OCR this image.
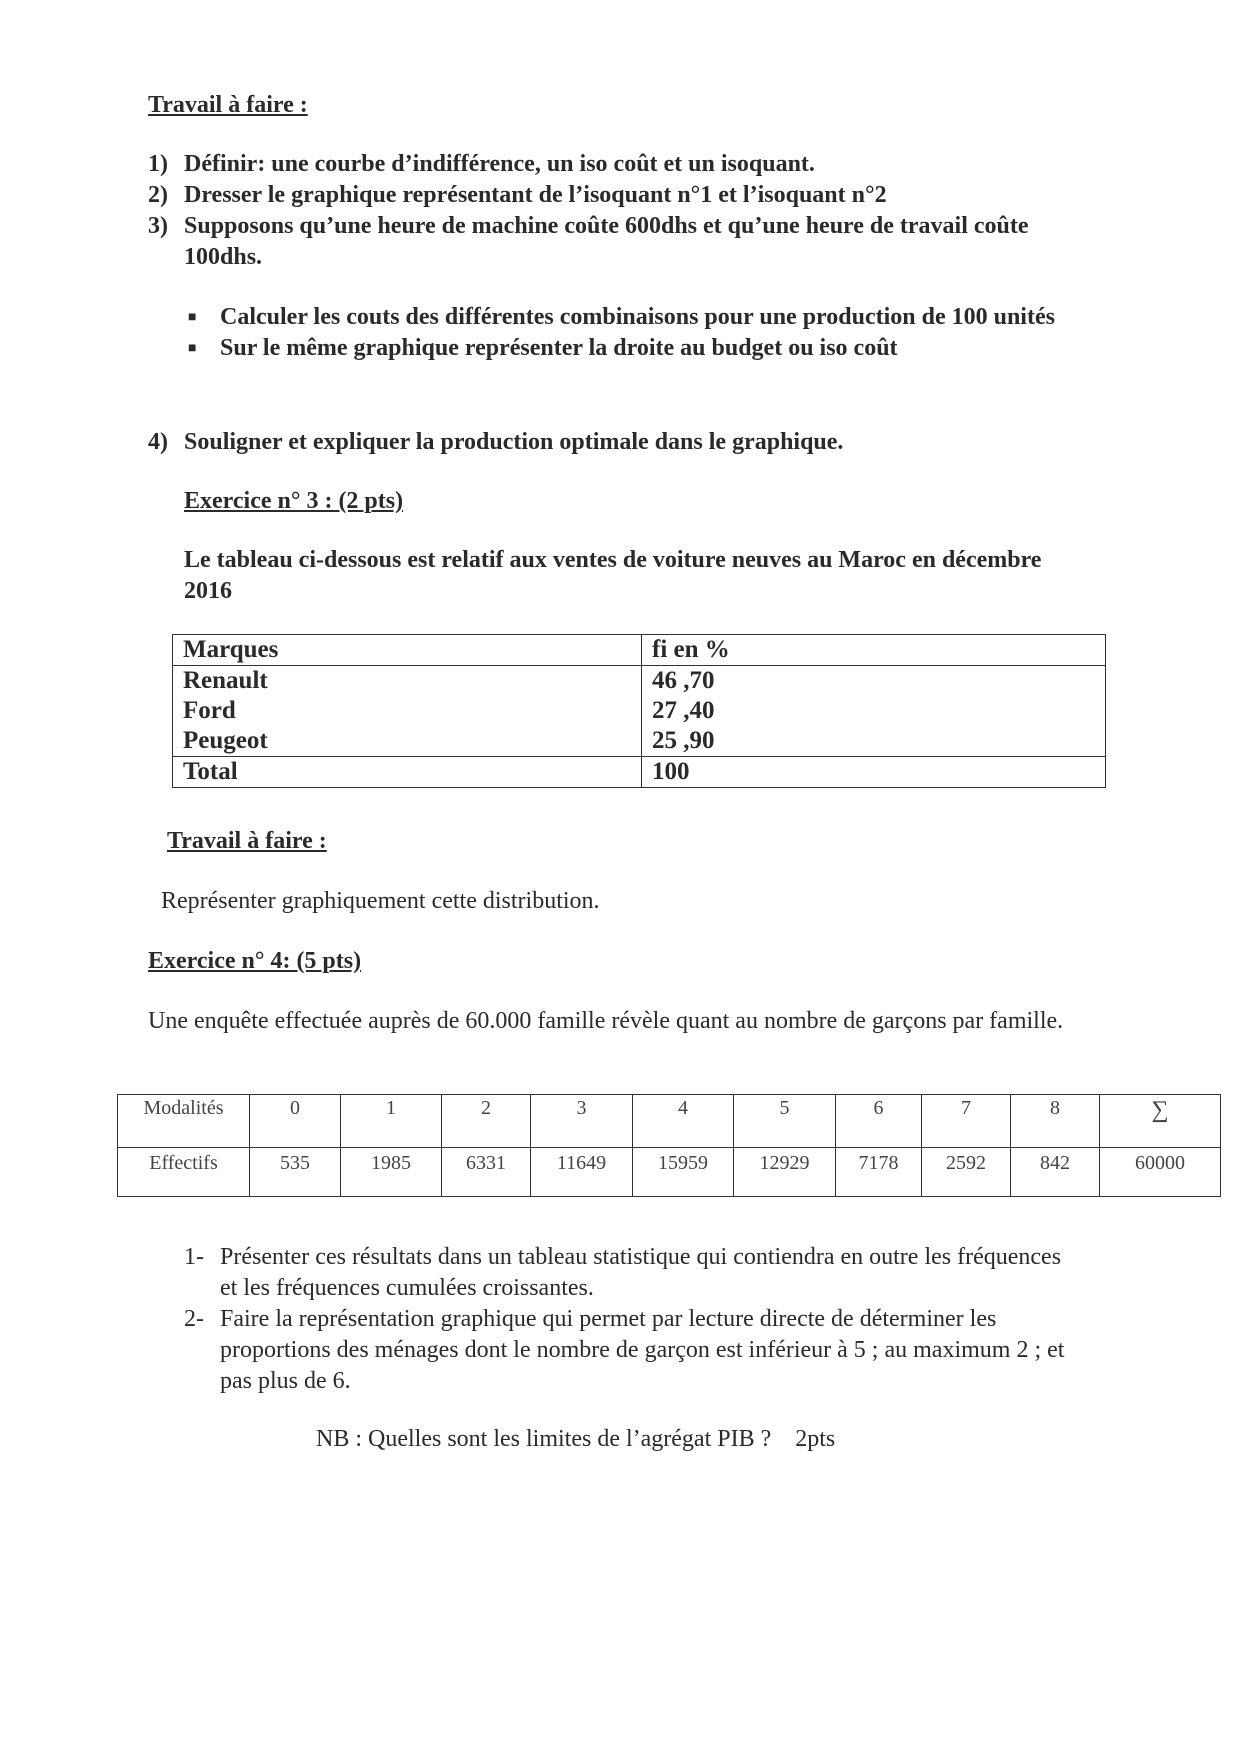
Travail à faire :
1) Définir: une courbe d’indifférence, un iso coût et un isoquant.
2) Dresser le graphique représentant de l’isoquant n°1 et l’isoquant n°2
3) Supposons qu’une heure de machine coûte 600dhs et qu’une heure de travail coûte 100dhs.
■ Calculer les couts des différentes combinaisons pour une production de 100 unités
■ Sur le même graphique représenter la droite au budget ou iso coût
4) Souligner et expliquer la production optimale dans le graphique.
Exercice n° 3 : (2 pts)
Le tableau ci-dessous est relatif aux ventes de voiture neuves au Maroc en décembre 2016
Marques	fi en %
Renault	46 ,70
Ford	27 ,40
Peugeot	25 ,90
Total	100
Travail à faire :
Représenter graphiquement cette distribution.
Exercice n° 4: (5 pts)
Une enquête effectuée auprès de 60.000 famille révèle quant au nombre de garçons par famille.
Modalités	0	1	2	3	4	5	6	7	8	∑
Effectifs	535	1985	6331	11649	15959	12929	7178	2592	842	60000
1- Présenter ces résultats dans un tableau statistique qui contiendra en outre les fréquences et les fréquences cumulées croissantes.
2- Faire la représentation graphique qui permet par lecture directe de déterminer les proportions des ménages dont le nombre de garçon est inférieur à 5 ; au maximum 2 ; et pas plus de 6.
NB : Quelles sont les limites de l’agrégat PIB ?    2pts
